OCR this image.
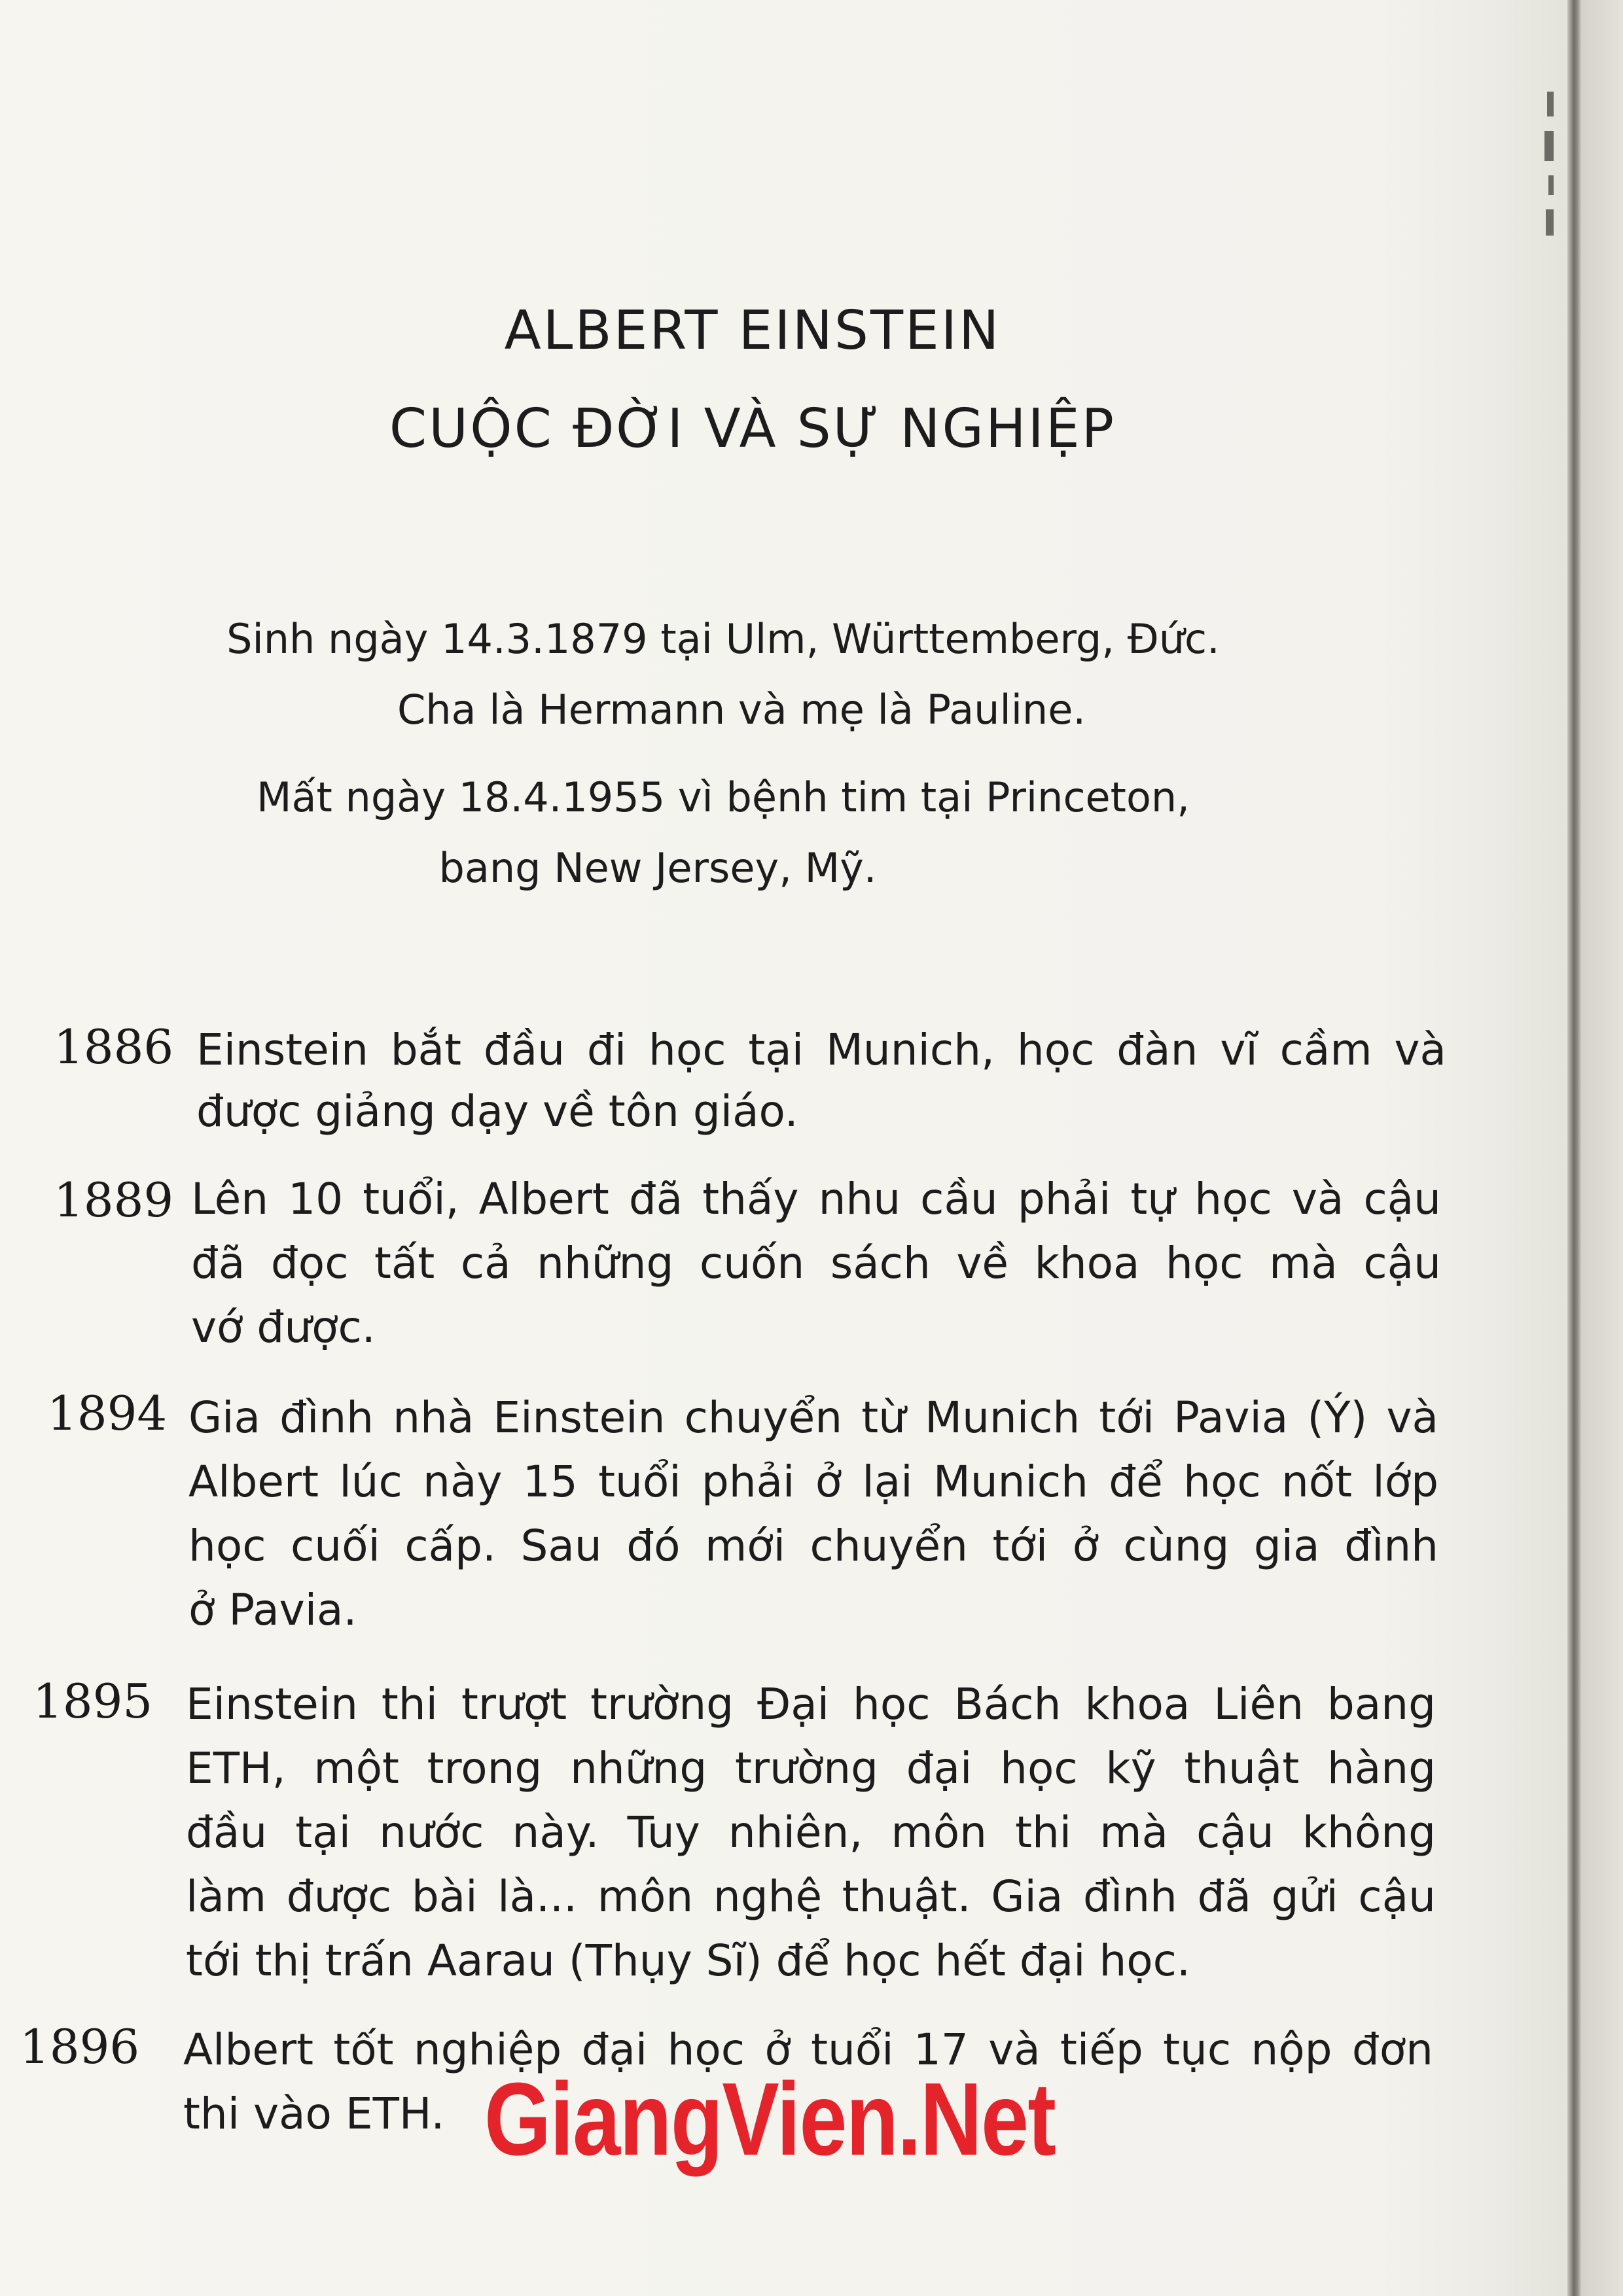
ALBERT EINSTEIN
CUỘC ĐỜI VÀ SỰ NGHIỆP
Sinh ngày 14.3.1879 tại Ulm, Württemberg, Đức.
Cha là Hermann và mẹ là Pauline.
Mất ngày 18.4.1955 vì bệnh tim tại Princeton,
bang New Jersey, Mỹ.
1886 Einstein bắt đầu đi học tại Munich, học đàn vĩ cầm và
được giảng dạy về tôn giáo.
1889 Lên 10 tuổi, Albert đã thấy nhu cầu phải tự học và cậu
đã đọc tất cả những cuốn sách về khoa học mà cậu
vớ được.
1894 Gia đình nhà Einstein chuyển từ Munich tới Pavia (Ý) và
Albert lúc này 15 tuổi phải ở lại Munich để học nốt lớp
học cuối cấp. Sau đó mới chuyển tới ở cùng gia đình
ở Pavia.
1895 Einstein thi trượt trường Đại học Bách khoa Liên bang
ETH, một trong những trường đại học kỹ thuật hàng
đầu tại nước này. Tuy nhiên, môn thi mà cậu không
làm được bài là... môn nghệ thuật. Gia đình đã gửi cậu
tới thị trấn Aarau (Thụy Sĩ) để học hết đại học.
1896 Albert tốt nghiệp đại học ở tuổi 17 và tiếp tục nộp đơn
thi vào ETH. GiangVien.Net
